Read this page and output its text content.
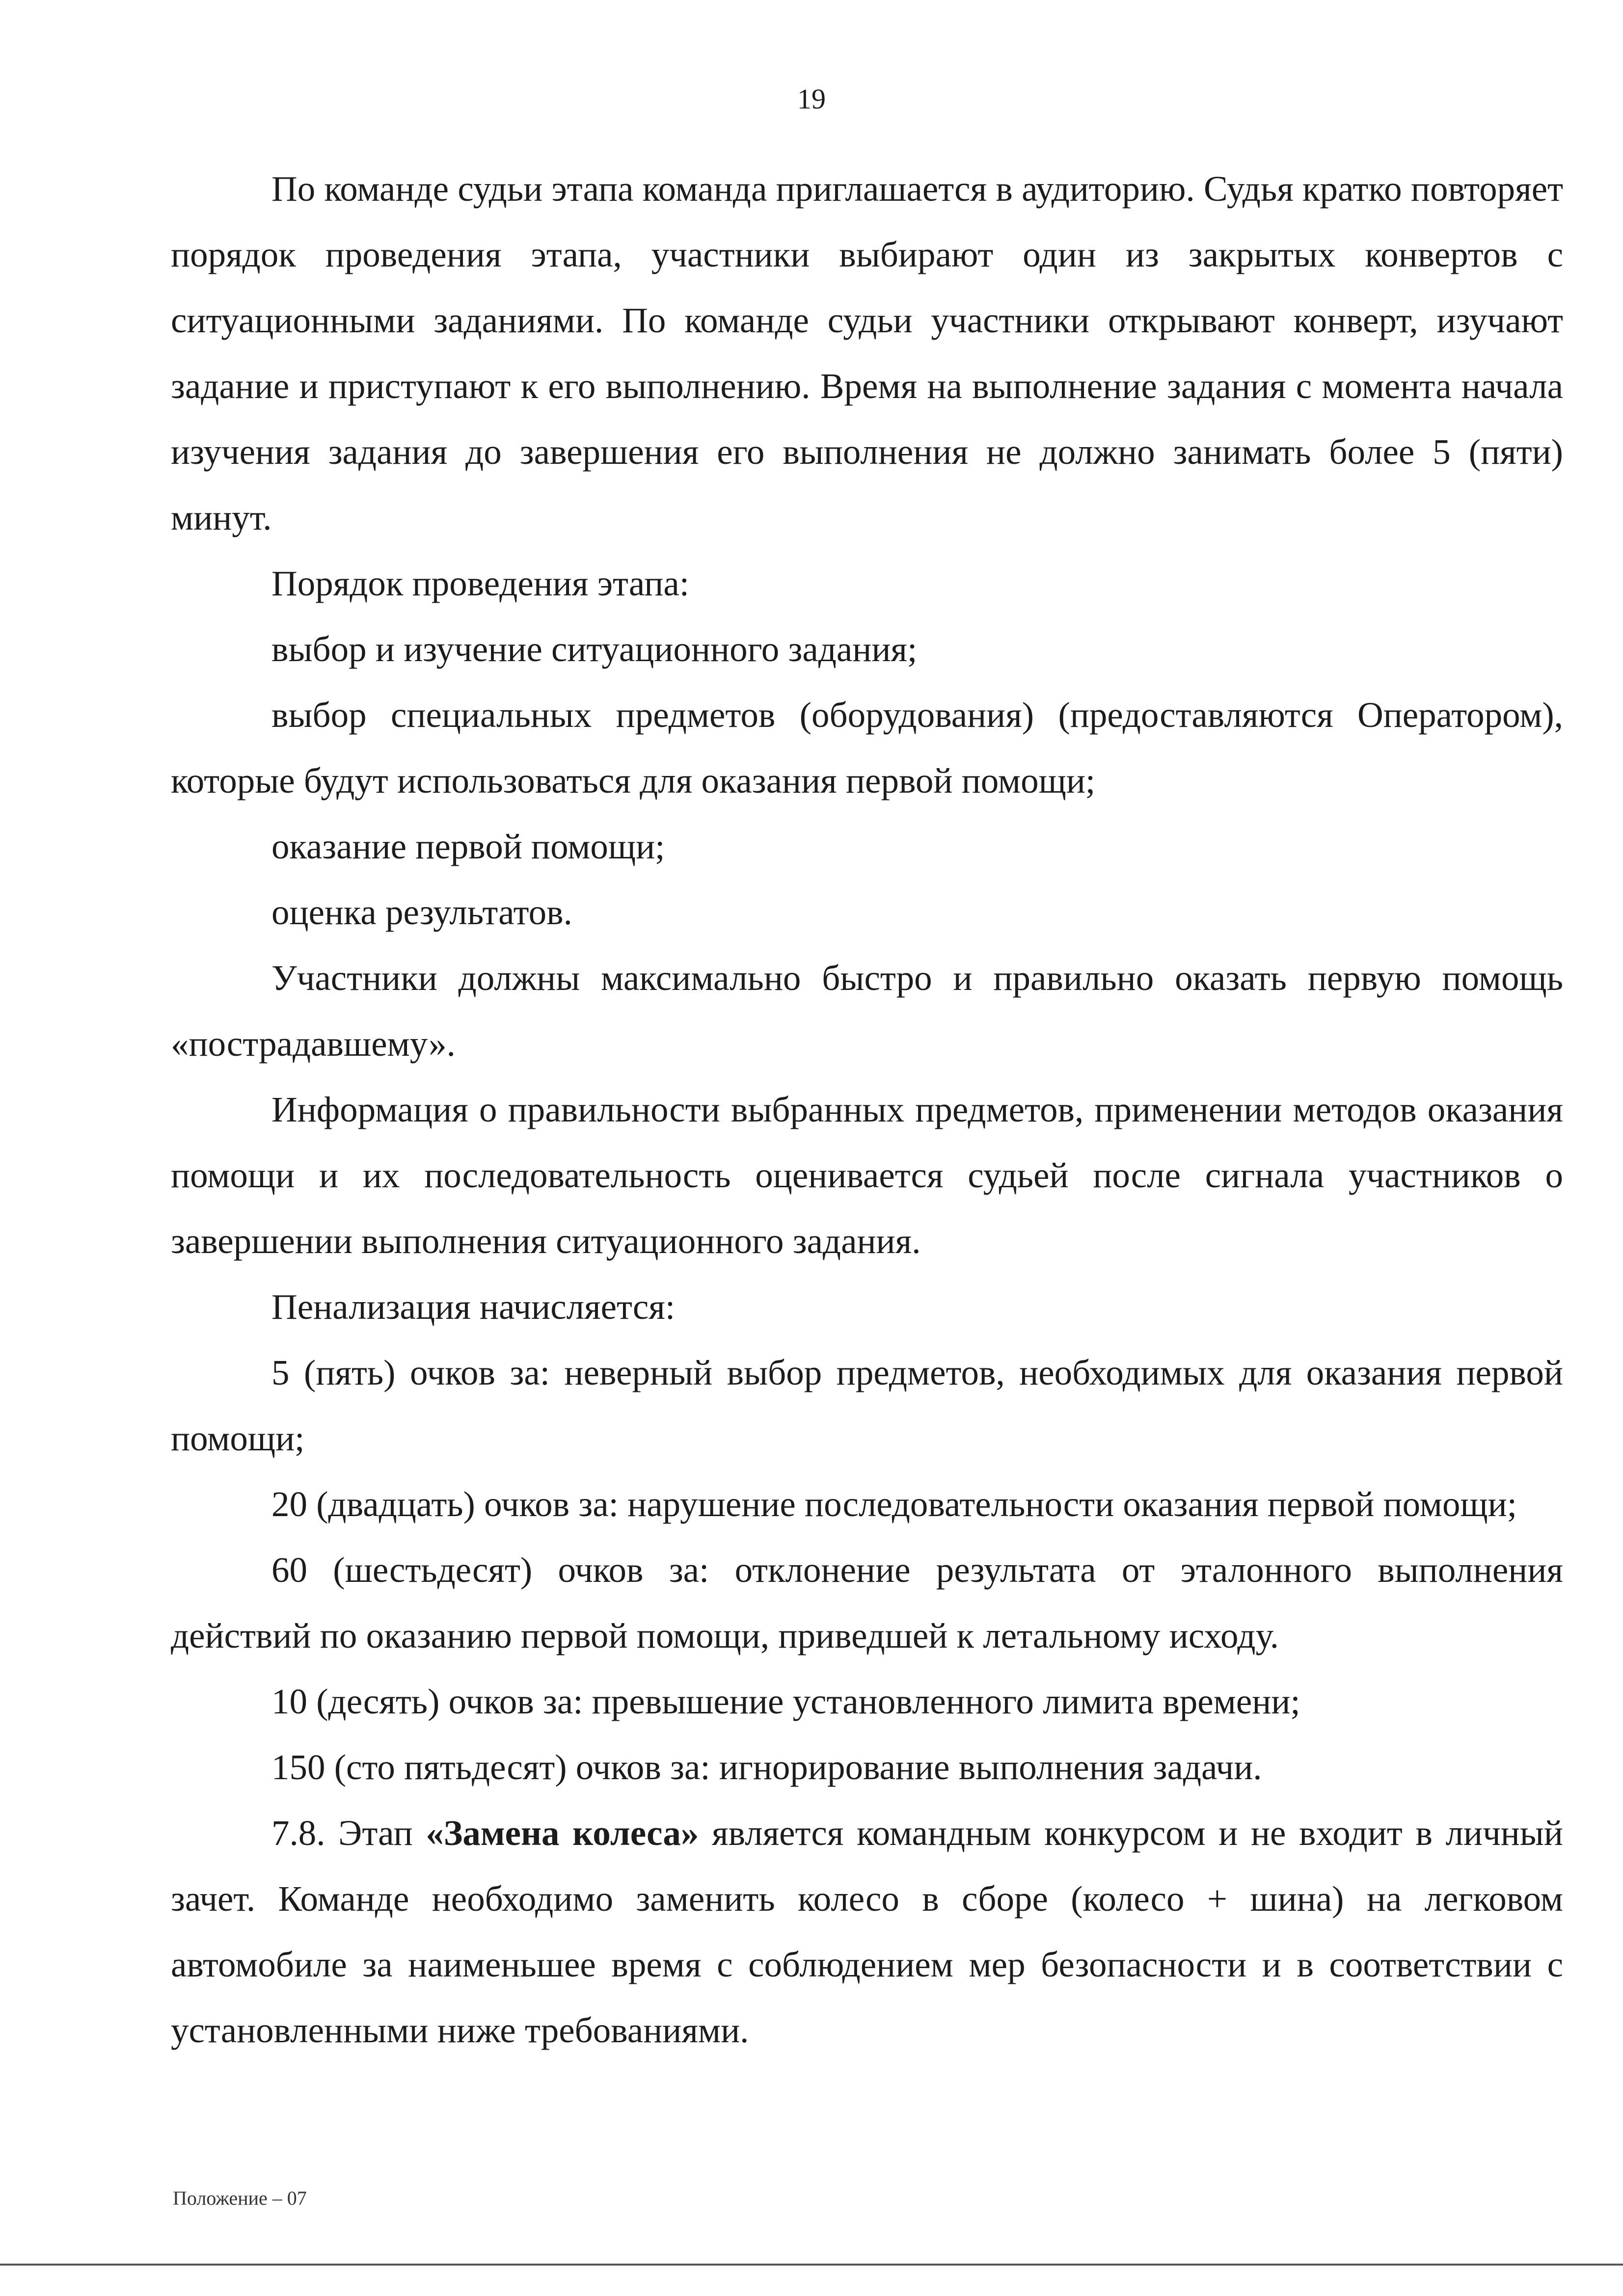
19

По команде судьи этапа команда приглашается в аудиторию. Судья кратко повторяет порядок проведения этапа, участники выбирают один из закрытых конвертов с ситуационными заданиями. По команде судьи участники открывают конверт, изучают задание и приступают к его выполнению. Время на выполнение задания с момента начала изучения задания до завершения его выполнения не должно занимать более 5 (пяти) минут.

Порядок проведения этапа:

выбор и изучение ситуационного задания;

выбор специальных предметов (оборудования) (предоставляются Оператором), которые будут использоваться для оказания первой помощи;

оказание первой помощи;

оценка результатов.

Участники должны максимально быстро и правильно оказать первую помощь «пострадавшему».

Информация о правильности выбранных предметов, применении методов оказания помощи и их последовательность оценивается судьей после сигнала участников о завершении выполнения ситуационного задания.

Пенализация начисляется:

5 (пять) очков за: неверный выбор предметов, необходимых для оказания первой помощи;

20 (двадцать) очков за: нарушение последовательности оказания первой помощи;

60 (шестьдесят) очков за: отклонение результата от эталонного выполнения действий по оказанию первой помощи, приведшей к летальному исходу.

10 (десять) очков за: превышение установленного лимита времени;

150 (сто пятьдесят) очков за: игнорирование выполнения задачи.

7.8. Этап «Замена колеса» является командным конкурсом и не входит в личный зачет. Команде необходимо заменить колесо в сборе (колесо + шина) на легковом автомобиле за наименьшее время с соблюдением мер безопасности и в соответствии с установленными ниже требованиями.

Положение – 07
